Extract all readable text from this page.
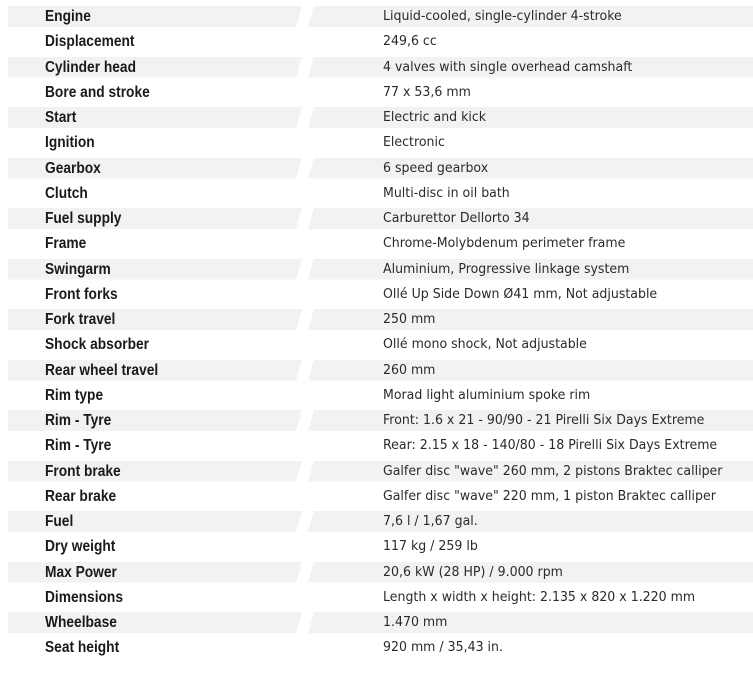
Engine	Liquid-cooled, single-cylinder 4-stroke
Displacement	249,6 cc
Cylinder head	4 valves with single overhead camshaft
Bore and stroke	77 x 53,6 mm
Start	Electric and kick
Ignition	Electronic
Gearbox	6 speed gearbox
Clutch	Multi-disc in oil bath
Fuel supply	Carburettor Dellorto 34
Frame	Chrome-Molybdenum perimeter frame
Swingarm	Aluminium, Progressive linkage system
Front forks	Ollé Up Side Down Ø41 mm, Not adjustable
Fork travel	250 mm
Shock absorber	Ollé mono shock, Not adjustable
Rear wheel travel	260 mm
Rim type	Morad light aluminium spoke rim
Rim - Tyre	Front: 1.6 x 21 - 90/90 - 21 Pirelli Six Days Extreme
Rim - Tyre	Rear: 2.15 x 18 - 140/80 - 18 Pirelli Six Days Extreme
Front brake	Galfer disc "wave" 260 mm, 2 pistons Braktec calliper
Rear brake	Galfer disc "wave" 220 mm, 1 piston Braktec calliper
Fuel	7,6 l / 1,67 gal.
Dry weight	117 kg / 259 lb
Max Power	20,6 kW (28 HP) / 9.000 rpm
Dimensions	Length x width x height: 2.135 x 820 x 1.220 mm
Wheelbase	1.470 mm
Seat height	920 mm / 35,43 in.
